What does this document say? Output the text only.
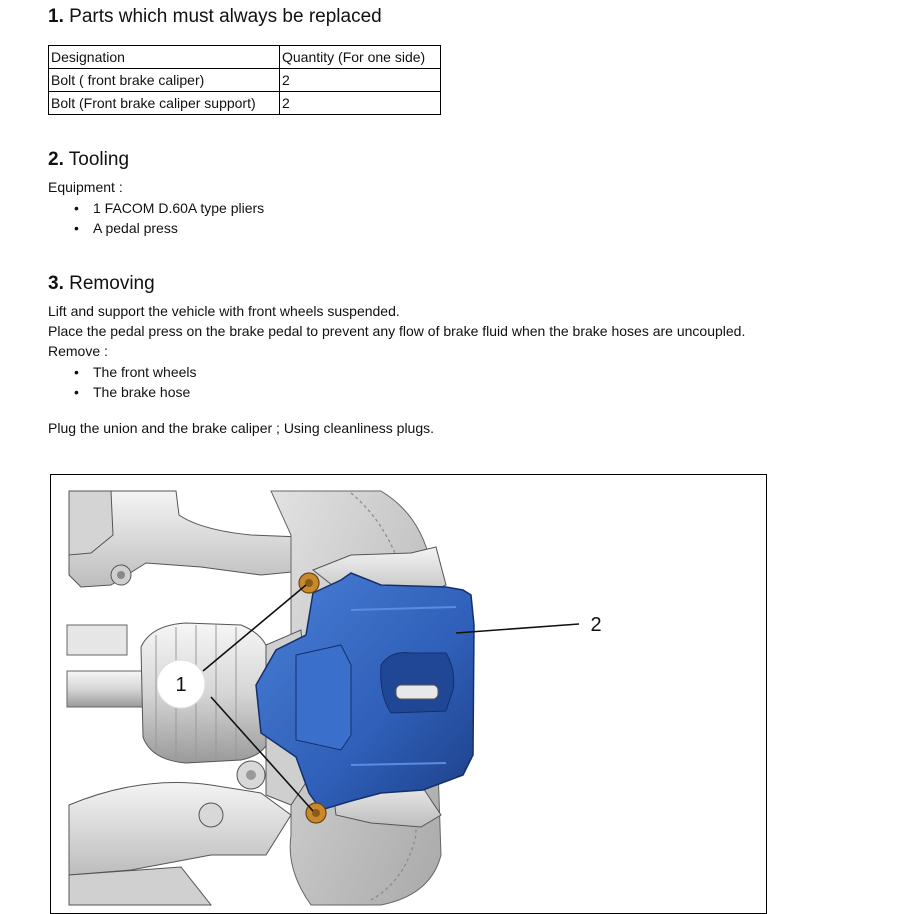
1. Parts which must always be replaced
Designation	Quantity (For one side)
Bolt ( front brake caliper)	2
Bolt (Front brake caliper support)	2
2. Tooling

Equipment :

• 1 FACOM D.60A type pliers
• A pedal press
3. Removing

Lift and support the vehicle with front wheels suspended.

Place the pedal press on the brake pedal to prevent any flow of brake fluid when the brake hoses are uncoupled.

Remove :

• The front wheels
• The brake hose

Plug the union and the brake caliper ; Using cleanliness plugs.

1
2
